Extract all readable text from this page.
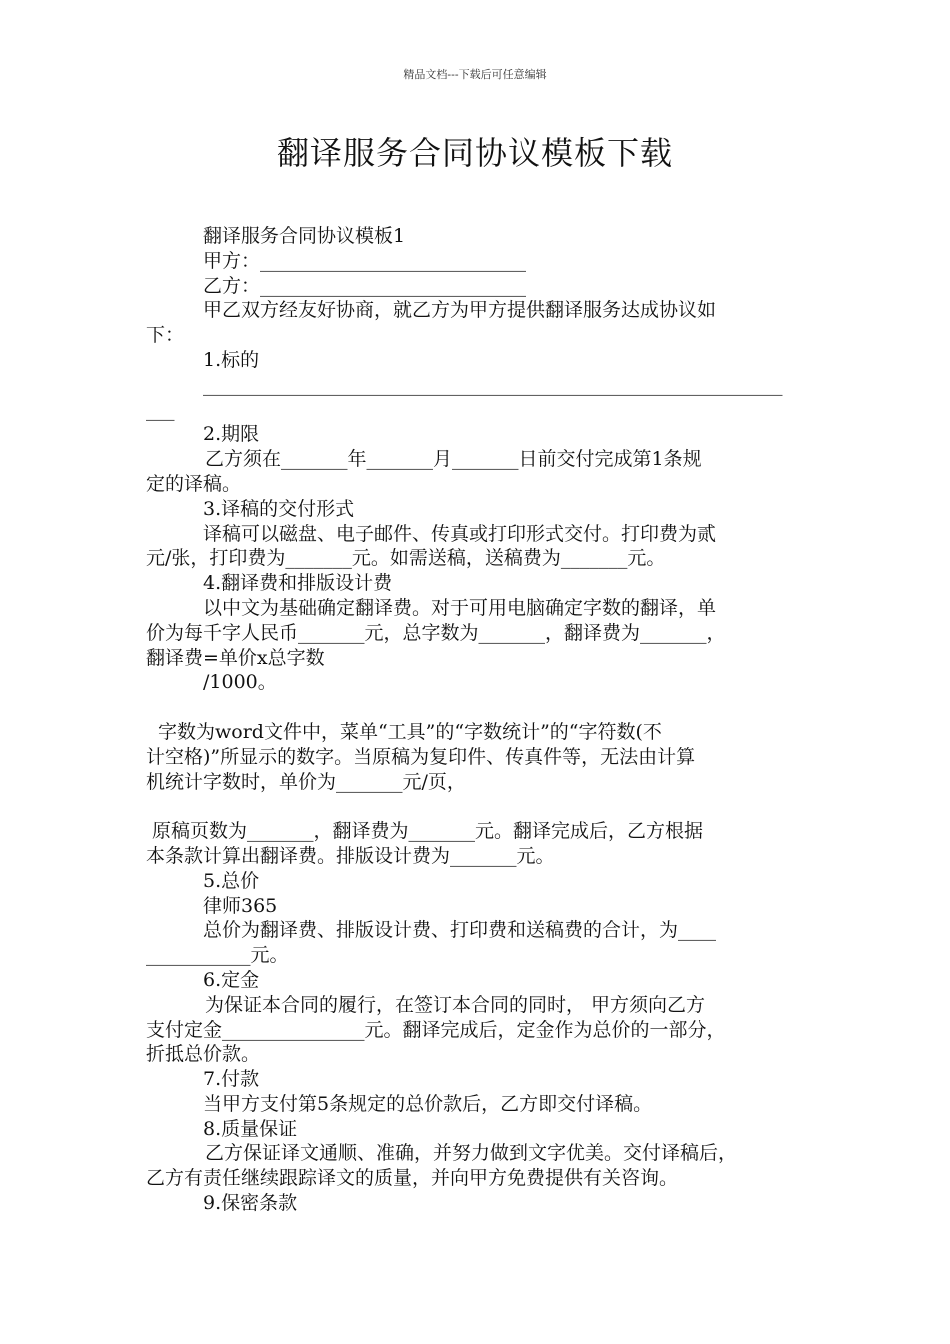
精品文档---下载后可任意编辑
翻译服务合同协议模板下载
翻译服务合同协议模板1
甲方：____________________________
乙方：____________________________
甲乙双方经友好协商，就乙方为甲方提供翻译服务达成协议如
下：
1.标的
_____________________________________________________________
___
2.期限
乙方须在_______年_______月_______日前交付完成第1条规
定的译稿。
3.译稿的交付形式
译稿可以磁盘、电子邮件、传真或打印形式交付。打印费为贰
元/张，打印费为_______元。如需送稿，送稿费为_______元。
4.翻译费和排版设计费
以中文为基础确定翻译费。对于可用电脑确定字数的翻译，单
价为每千字人民币_______元，总字数为_______，翻译费为_______，
翻译费=单价x总字数
/1000。
字数为word文件中，菜单“工具”的“字数统计”的“字符数(不
计空格)”所显示的数字。当原稿为复印件、传真件等，无法由计算
机统计字数时，单价为_______元/页，
原稿页数为_______，翻译费为_______元。翻译完成后，乙方根据
本条款计算出翻译费。排版设计费为_______元。
5.总价
律师365
总价为翻译费、排版设计费、打印费和送稿费的合计，为____
___________元。
6.定金
为保证本合同的履行，在签订本合同的同时， 甲方须向乙方
支付定金_______________元。翻译完成后，定金作为总价的一部分，
折抵总价款。
7.付款
当甲方支付第5条规定的总价款后，乙方即交付译稿。
8.质量保证
乙方保证译文通顺、准确，并努力做到文字优美。交付译稿后，
乙方有责任继续跟踪译文的质量，并向甲方免费提供有关咨询。
9.保密条款
